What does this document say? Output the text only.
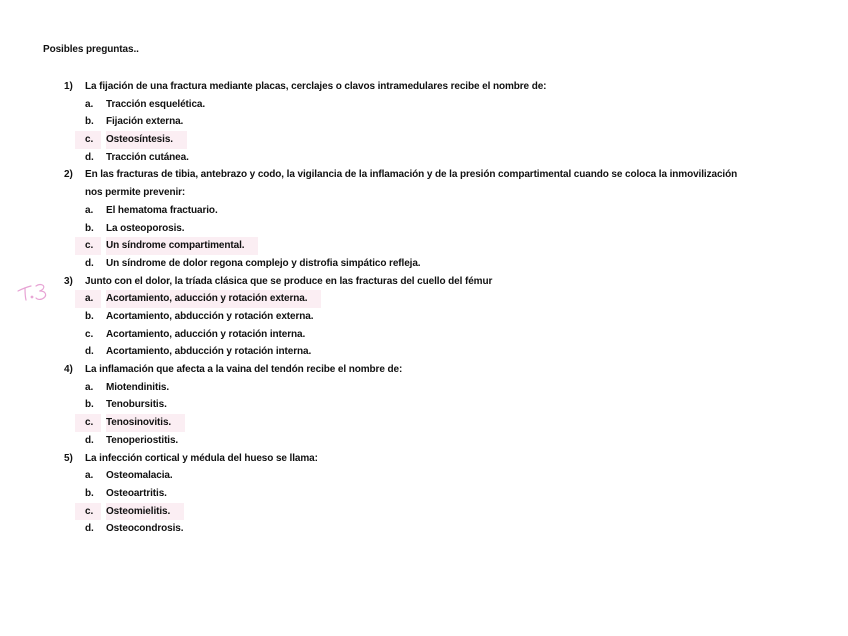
Posibles preguntas..
1)	La fijación de una fractura mediante placas, cerclajes o clavos intramedulares recibe el nombre de:
a. Tracción esquelética.
b. Fijación externa.
c.	Osteosíntesis.
d. Tracción cutánea.
2)	En las fracturas de tibia, antebrazo y codo, la vigilancia de la inflamación y de la presión compartimental cuando se coloca la inmovilización nos permite prevenir:
a. El hematoma fractuario.
b. La osteoporosis.
c.	Un síndrome compartimental.
d. Un síndrome de dolor regona complejo y distrofia simpático refleja.
3)	Junto con el dolor, la tríada clásica que se produce en las fracturas del cuello del fémur
a.	Acortamiento, aducción y rotación externa.
b. Acortamiento, abducción y rotación externa.
c. Acortamiento, aducción y rotación interna.
d. Acortamiento, abducción y rotación interna.
4)	La inflamación que afecta a la vaina del tendón recibe el nombre de:
a. Miotendinitis.
b. Tenobursitis.
c.	Tenosinovitis.
d. Tenoperiostitis.
5)	La infección cortical y médula del hueso se llama:
a. Osteomalacia.
b. Osteoartritis.
c.	Osteomielitis.
d. Osteocondrosis.
